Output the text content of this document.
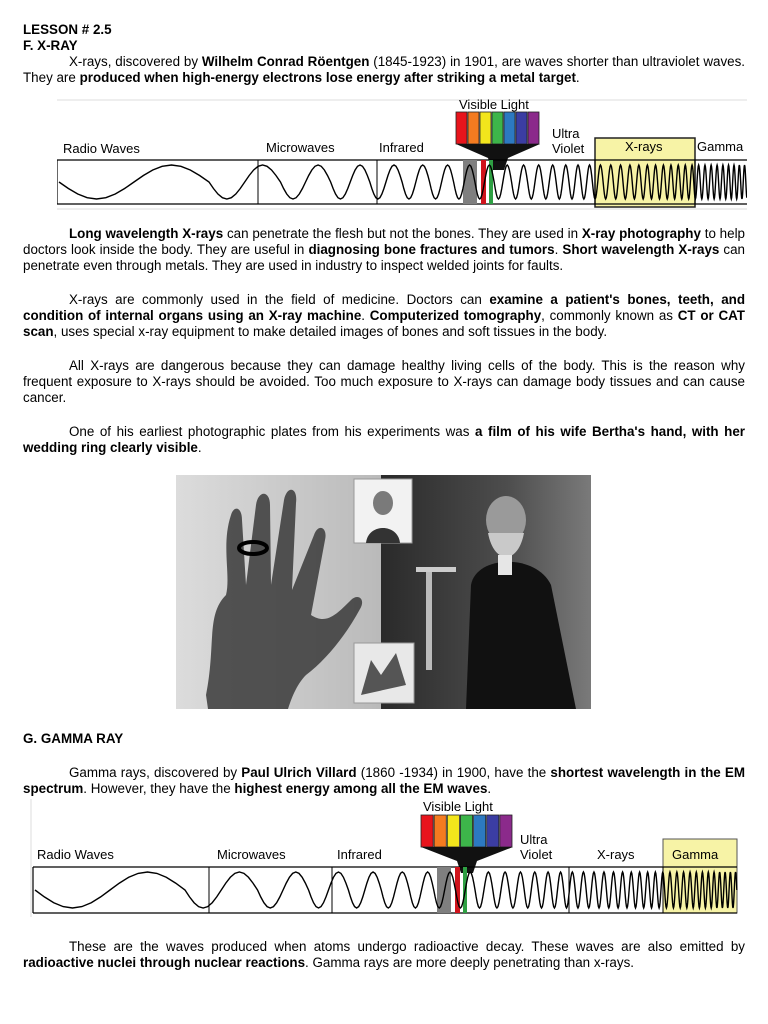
LESSON # 2.5
F. X-RAY

X-rays, discovered by Wilhelm Conrad Röentgen (1845-1923) in 1901, are waves shorter than ultraviolet waves. They are produced when high-energy electrons lose energy after striking a metal target.

Visible Light
Radio Waves	Microwaves	Infrared
Ultra
Violet	X-rays	Gamma

Long wavelength X-rays can penetrate the flesh but not the bones. They are used in X-ray photography to help doctors look inside the body. They are useful in diagnosing bone fractures and tumors. Short wavelength X-rays can penetrate even through metals. They are used in industry to inspect welded joints for faults.

X-rays are commonly used in the field of medicine. Doctors can examine a patient's bones, teeth, and condition of internal organs using an X-ray machine. Computerized tomography, commonly known as CT or CAT scan, uses special x-ray equipment to make detailed images of bones and soft tissues in the body.

All X-rays are dangerous because they can damage healthy living cells of the body. This is the reason why frequent exposure to X-rays should be avoided. Too much exposure to X-rays can damage body tissues and can cause cancer.

One of his earliest photographic plates from his experiments was a film of his wife Bertha's hand, with her wedding ring clearly visible.

G. GAMMA RAY

Gamma rays, discovered by Paul Ulrich Villard (1860 -1934) in 1900, have the shortest wavelength in the EM spectrum. However, they have the highest energy among all the EM waves.

Visible Light
Radio Waves	Microwaves	Infrared
Ultra
Violet	X-rays	Gamma

These are the waves produced when atoms undergo radioactive decay. These waves are also emitted by radioactive nuclei through nuclear reactions. Gamma rays are more deeply penetrating than x-rays.
